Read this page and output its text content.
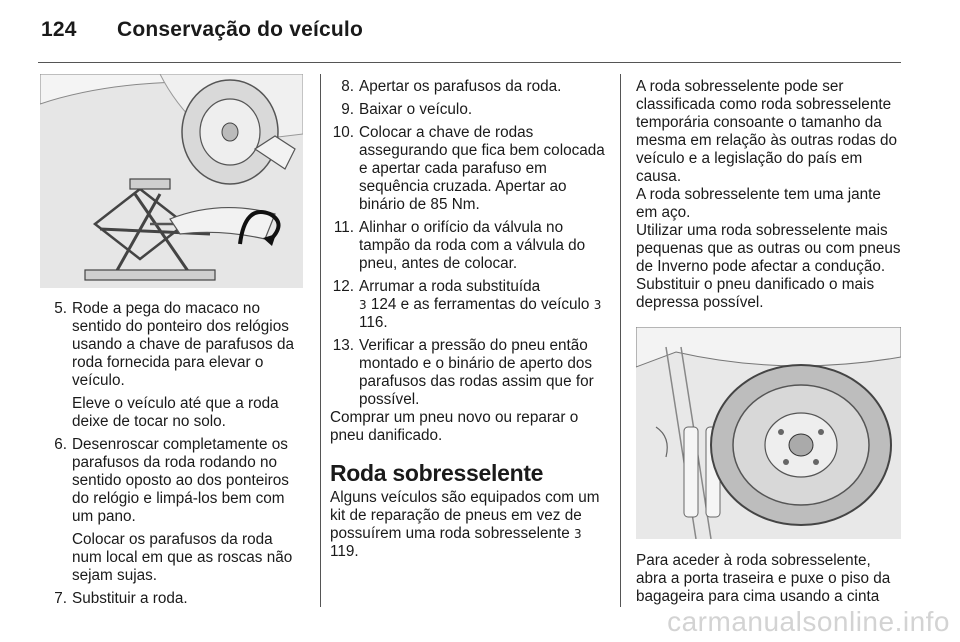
124 Conservação do veículo
5. Rode a pega do macaco no sentido do ponteiro dos relógios usando a chave de parafusos da roda fornecida para elevar o veículo.
Eleve o veículo até que a roda deixe de tocar no solo.
6. Desenroscar completamente os parafusos da roda rodando no sentido oposto ao dos ponteiros do relógio e limpá-los bem com um pano.
Colocar os parafusos da roda num local em que as roscas não sejam sujas.
7. Substituir a roda.
8. Apertar os parafusos da roda.
9. Baixar o veículo.
10. Colocar a chave de rodas assegurando que fica bem colocada e apertar cada parafuso em sequência cruzada. Apertar ao binário de 85 Nm.
11. Alinhar o orifício da válvula no tampão da roda com a válvula do pneu, antes de colocar.
12. Arrumar a roda substituída
3 124 e as ferramentas do veículo 3 116.
13. Verificar a pressão do pneu então montado e o binário de aperto dos parafusos das rodas assim que for possível.

Comprar um pneu novo ou reparar o pneu danificado.

Roda sobresselente

Alguns veículos são equipados com um kit de reparação de pneus em vez de possuírem uma roda sobresselente 3 119.

A roda sobresselente pode ser classificada como roda sobresselente temporária consoante o tamanho da mesma em relação às outras rodas do veículo e a legislação do país em causa.

A roda sobresselente tem uma jante em aço.

Utilizar uma roda sobresselente mais pequenas que as outras ou com pneus de Inverno pode afectar a condução. Substituir o pneu danificado o mais depressa possível.

Para aceder à roda sobresselente, abra a porta traseira e puxe o piso da bagageira para cima usando a cinta

carmanualsonline.info
